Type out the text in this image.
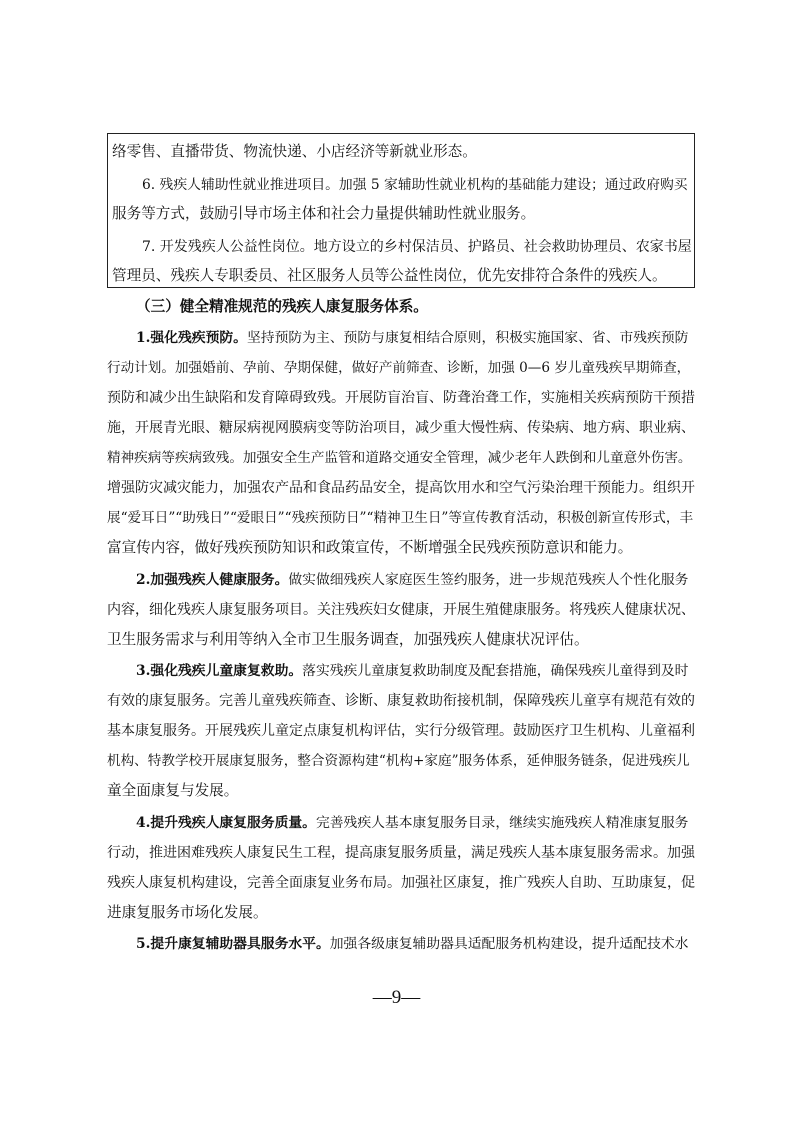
络零售、直播带货、物流快递、小店经济等新就业形态。
6. 残疾人辅助性就业推进项目。加强 5 家辅助性就业机构的基础能力建设；通过政府购买
服务等方式，鼓励引导市场主体和社会力量提供辅助性就业服务。
7. 开发残疾人公益性岗位。地方设立的乡村保洁员、护路员、社会救助协理员、农家书屋
管理员、残疾人专职委员、社区服务人员等公益性岗位，优先安排符合条件的残疾人。
（三）健全精准规范的残疾人康复服务体系。
1.强化残疾预防。坚持预防为主、预防与康复相结合原则，积极实施国家、省、市残疾预防
行动计划。加强婚前、孕前、孕期保健，做好产前筛查、诊断，加强 0—6 岁儿童残疾早期筛查，
预防和减少出生缺陷和发育障碍致残。开展防盲治盲、防聋治聋工作，实施相关疾病预防干预措
施，开展青光眼、糖尿病视网膜病变等防治项目，减少重大慢性病、传染病、地方病、职业病、
精神疾病等疾病致残。加强安全生产监管和道路交通安全管理，减少老年人跌倒和儿童意外伤害。
增强防灾减灾能力，加强农产品和食品药品安全，提高饮用水和空气污染治理干预能力。组织开
展“爱耳日”“助残日”“爱眼日”“残疾预防日”“精神卫生日”等宣传教育活动，积极创新宣传形式，丰
富宣传内容，做好残疾预防知识和政策宣传，不断增强全民残疾预防意识和能力。
2.加强残疾人健康服务。做实做细残疾人家庭医生签约服务，进一步规范残疾人个性化服务
内容，细化残疾人康复服务项目。关注残疾妇女健康，开展生殖健康服务。将残疾人健康状况、
卫生服务需求与利用等纳入全市卫生服务调查，加强残疾人健康状况评估。
3.强化残疾儿童康复救助。落实残疾儿童康复救助制度及配套措施，确保残疾儿童得到及时
有效的康复服务。完善儿童残疾筛查、诊断、康复救助衔接机制，保障残疾儿童享有规范有效的
基本康复服务。开展残疾儿童定点康复机构评估，实行分级管理。鼓励医疗卫生机构、儿童福利
机构、特教学校开展康复服务，整合资源构建“机构+家庭”服务体系，延伸服务链条，促进残疾儿
童全面康复与发展。
4.提升残疾人康复服务质量。完善残疾人基本康复服务目录，继续实施残疾人精准康复服务
行动，推进困难残疾人康复民生工程，提高康复服务质量，满足残疾人基本康复服务需求。加强
残疾人康复机构建设，完善全面康复业务布局。加强社区康复，推广残疾人自助、互助康复，促
进康复服务市场化发展。
5.提升康复辅助器具服务水平。加强各级康复辅助器具适配服务机构建设，提升适配技术水
—9—
